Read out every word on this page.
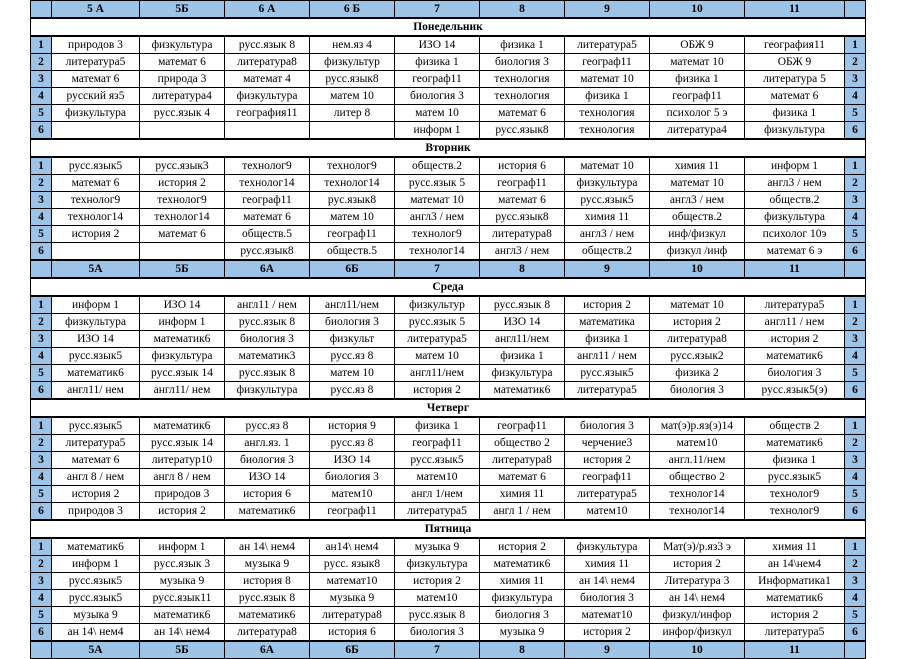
	5 А	5Б	6 А	6 Б	7	8	9	10	11	
Понедельник										
1	природов 3	физкультура	русс.язык 8	нем.яз 4	ИЗО 14	физика 1	литература5	ОБЖ 9	география11	1
2	литература5	математ 6	литература8	физкультур	физика 1	биология 3	географ11	математ 10	ОБЖ 9	2
3	математ 6	природа 3	математ 4	русс.язык8	географ11	технология	математ 10	физика 1	литература 5	3
4	русский яз5	литература4	физкультура	матем 10	биология 3	технология	физика 1	географ11	математ 6	4
5	физкультура	русс.язык 4	география11	литер 8	матем 10	математ 6	технология	психолог 5 э	физика 1	5
6					информ 1	русс.язык8	технология	литература4	физкультура	6
Вторник										
1	русс.язык5	русс.язык3	технолог9	технолог9	обществ.2	история 6	математ 10	химия 11	информ 1	1
2	математ 6	история 2	технолог14	технолог14	русс.язык 5	географ11	физкультура	математ 10	англ3 / нем	2
3	технолог9	технолог9	географ11	рус.язык8	математ 10	математ 6	русс.язык5	англ3 / нем	обществ.2	3
4	технолог14	технолог14	математ 6	матем 10	англ3 / нем	русс.язык8	химия 11	обществ.2	физкультура	4
5	история 2	математ 6	обществ.5	географ11	технолог9	литература8	англ3 / нем	инф/физкул	психолог 10э	5
6			русс.язык8	обществ.5	технолог14	англ3 / нем	обществ.2	физкул /инф	математ 6 э	6
	5А	5Б	6А	6Б	7	8	9	10	11	
Среда										
1	информ 1	ИЗО 14	англ11 / нем	англ11/нем	физкультур	русс.язык 8	история 2	математ 10	литература5	1
2	физкультура	информ 1	русс.язык 8	биология 3	русс.язык 5	ИЗО 14	математика	история 2	англ11 / нем	2
3	ИЗО 14	математик6	биология 3	физкульт	литература5	англ11/нем	физика 1	литература8	история 2	3
4	русс.язык5	физкультура	математик3	русс.яз 8	матем 10	физика 1	англ11 / нем	русс.язык2	математик6	4
5	математик6	русс.язык 14	русс.язык 8	матем 10	англ11/нем	физкультура	русс.язык5	физика 2	биология 3	5
6	англ11/ нем	англ11/ нем	физкультура	русс.яз 8	история 2	математик6	литература5	биология 3	русс.язык5(э)	6
Четверг										
1	русс.язык5	математик6	русс.яз 8	история 9	физика 1	географ11	биология 3	мат(э)р.яз(э)14	обществ 2	1
2	литература5	русс.язык 14	англ.яз. 1	русс.яз 8	географ11	общество 2	черчение3	матем10	математик6	2
3	математ 6	литератур10	биология 3	ИЗО 14	русс.язык5	литература8	история 2	англ.11/нем	физика 1	3
4	англ 8 / нем	англ 8 / нем	ИЗО 14	биология 3	матем10	математ 6	географ11	общество 2	русс.язык5	4
5	история 2	природов 3	история 6	матем10	англ 1/нем	химия 11	литература5	технолог14	технолог9	5
6	природов 3	история 2	математик6	географ11	литература5	англ 1 / нем	матем10	технолог14	технолог9	6
Пятница										
1	математик6	информ 1	ан 14\ нем4	ан14\ нем4	музыка 9	история 2	физкультура	Мат(э)/р.яз3 э	химия 11	1
2	информ 1	русс.язык 3	музыка 9	русс. язык8	физкультура	математик6	химия 11	история 2	ан 14\нем4	2
3	русс.язык5	музыка 9	история 8	математ10	история 2	химия 11	ан 14\ нем4	Литература 3	Информатика1	3
4	русс.язык5	русс.язык11	русс.язык 8	музыка 9	матем10	физкультура	биология 3	ан 14\ нем4	математик6	4
5	музыка 9	математик6	математик6	литература8	русс.язык 8	биология 3	математ10	физкул/инфор	история 2	5
6	ан 14\ нем4	ан 14\ нем4	литература8	история 6	биология 3	музыка 9	история 2	инфор/физкул	литература5	6
	5А	5Б	6А	6Б	7	8	9	10	11	
